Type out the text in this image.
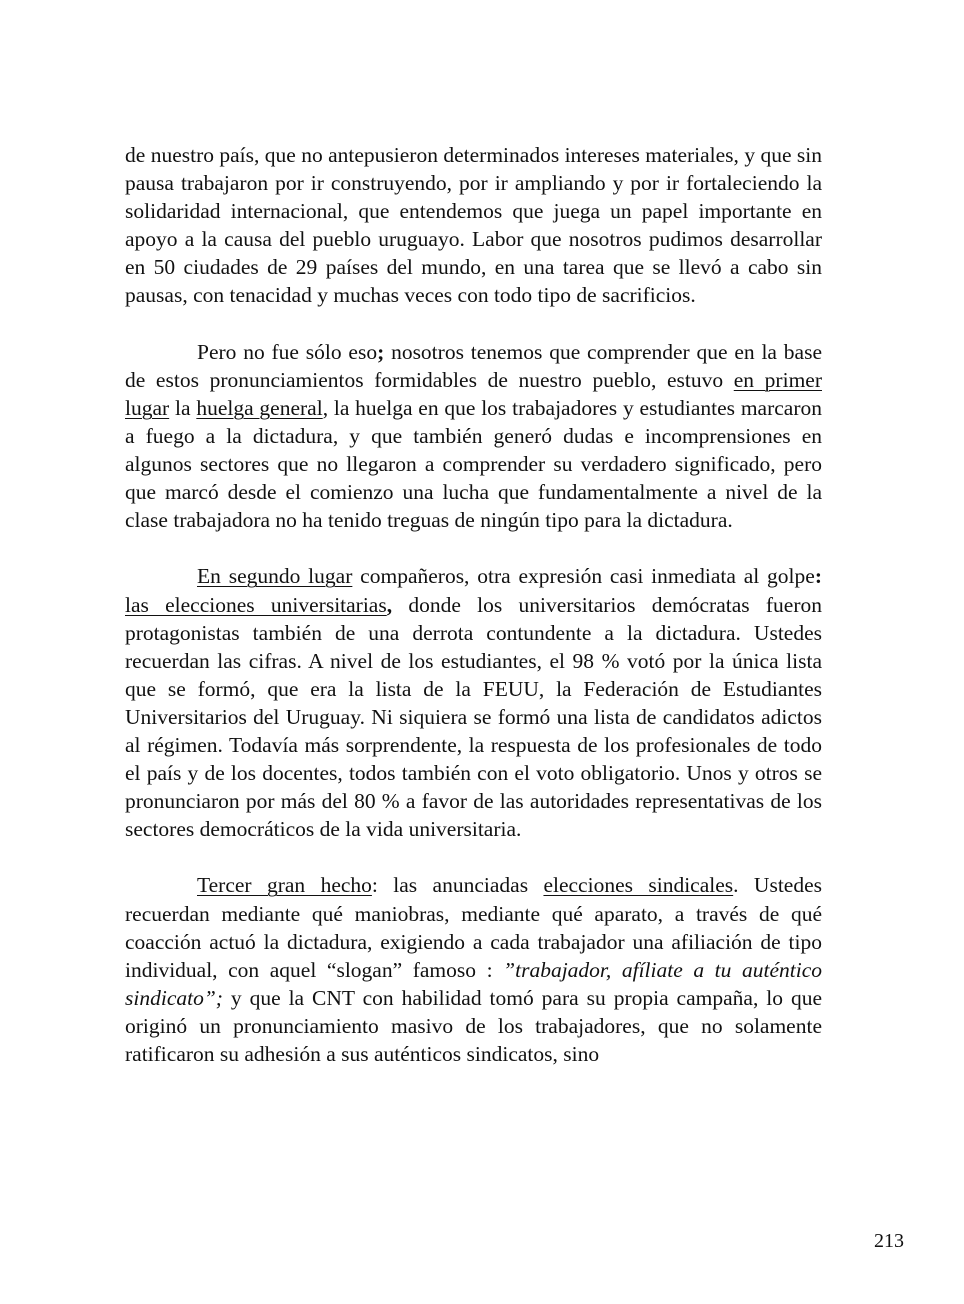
de nuestro país, que no antepusieron determinados intereses materiales, y que sin pausa trabajaron por ir construyendo, por ir ampliando y por ir fortaleciendo la solidaridad internacional, que entendemos que juega un papel importante en apoyo a la causa del pueblo uruguayo. Labor que nosotros pudimos desarrollar en 50 ciudades de 29 países del mundo, en una tarea que se llevó a cabo sin pausas, con tenacidad y muchas veces con todo tipo de sacrificios.

Pero no fue sólo eso; nosotros tenemos que comprender que en la base de estos pronunciamientos formidables de nuestro pueblo, estuvo en primer lugar la huelga general, la huelga en que los trabajadores y estudiantes marcaron a fuego a la dictadura, y que también generó dudas e incomprensiones en algunos sectores que no llegaron a comprender su verdadero significado, pero que marcó desde el comienzo una lucha que fundamentalmente a nivel de la clase trabajadora no ha tenido treguas de ningún tipo para la dictadura.

En segundo lugar compañeros, otra expresión casi inmediata al golpe: las elecciones universitarias, donde los universitarios demócratas fueron protagonistas también de una derrota contundente a la dictadura. Ustedes recuerdan las cifras. A nivel de los estudiantes, el 98 % votó por la única lista que se formó, que era la lista de la FEUU, la Federación de Estudiantes Universitarios del Uruguay. Ni siquiera se formó una lista de candidatos adictos al régimen. Todavía más sorprendente, la respuesta de los profesionales de todo el país y de los docentes, todos también con el voto obligatorio. Unos y otros se pronunciaron por más del 80 % a favor de las autoridades representativas de los sectores democráticos de la vida universitaria.

Tercer gran hecho: las anunciadas elecciones sindicales. Ustedes recuerdan mediante qué maniobras, mediante qué aparato, a través de qué coacción actuó la dictadura, exigiendo a cada trabajador una afiliación de tipo individual, con aquel “slogan” famoso : ”trabajador, afíliate a tu auténtico sindicato”; y que la CNT con habilidad tomó para su propia campaña, lo que originó un pronunciamiento masivo de los trabajadores, que no solamente ratificaron su adhesión a sus auténticos sindicatos, sino

213
